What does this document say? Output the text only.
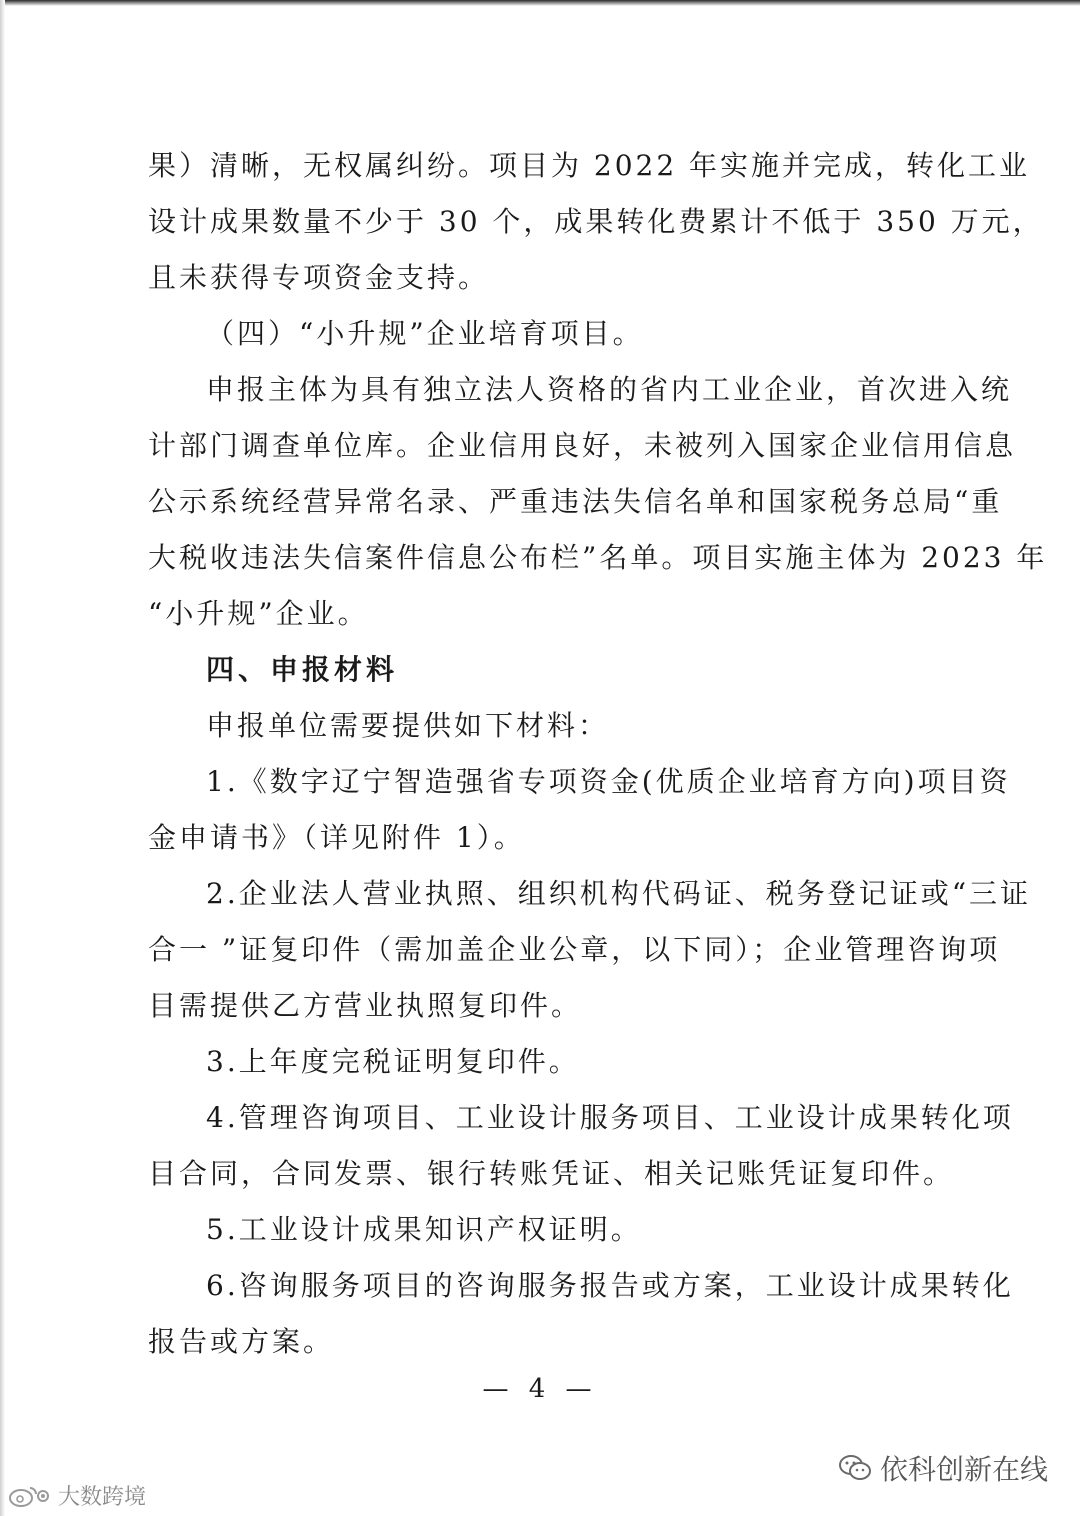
果）清晰，无权属纠纷。项目为 2022 年实施并完成，转化工业
设计成果数量不少于 30 个，成果转化费累计不低于 350 万元，
且未获得专项资金支持。
（四）“小升规”企业培育项目。
申报主体为具有独立法人资格的省内工业企业，首次进入统
计部门调查单位库。企业信用良好，未被列入国家企业信用信息
公示系统经营异常名录、严重违法失信名单和国家税务总局“重
大税收违法失信案件信息公布栏”名单。项目实施主体为 2023 年
“小升规”企业。
四、申报材料
申报单位需要提供如下材料：
1.《数字辽宁智造强省专项资金(优质企业培育方向)项目资
金申请书》（详见附件 1）。
2.企业法人营业执照、组织机构代码证、税务登记证或“三证
合一 ”证复印件（需加盖企业公章，以下同）；企业管理咨询项
目需提供乙方营业执照复印件。
3.上年度完税证明复印件。
4.管理咨询项目、工业设计服务项目、工业设计成果转化项
目合同，合同发票、银行转账凭证、相关记账凭证复印件。
5.工业设计成果知识产权证明。
6.咨询服务项目的咨询服务报告或方案，工业设计成果转化
报告或方案。
— 4 —
依科创新在线
大数跨境
